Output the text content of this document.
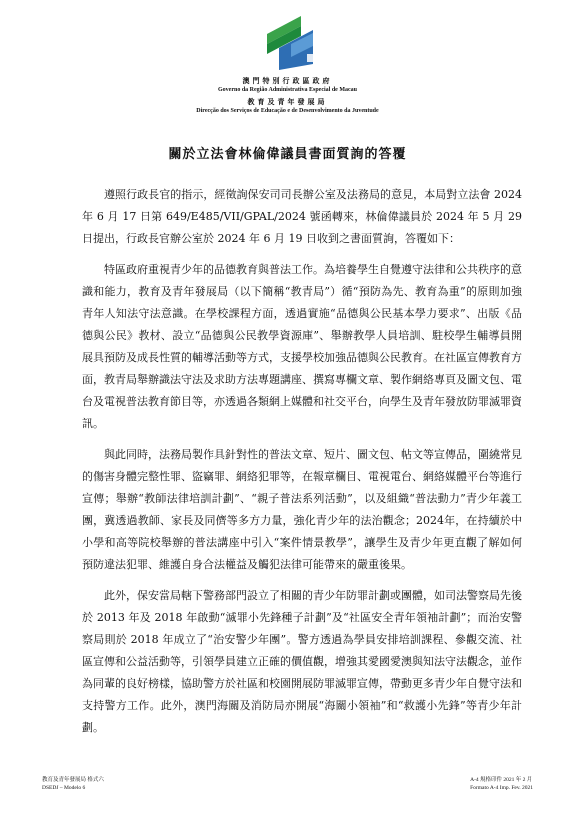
澳門特別行政區政府
Governo da Região Administrativa Especial de Macau
教育及青年發展局
Direcção dos Serviços de Educação e de Desenvolvimento da Juventude
關於立法會林倫偉議員書面質詢的答覆

遵照行政長官的指示，經徵詢保安司司長辦公室及法務局的意見，本局對立法會 2024 年 6 月 17 日第 649/E485/VII/GPAL/2024 號函轉來，林倫偉議員於 2024 年 5 月 29 日提出，行政長官辦公室於 2024 年 6 月 19 日收到之書面質詢，答覆如下：

特區政府重視青少年的品德教育與普法工作。為培養學生自覺遵守法律和公共秩序的意識和能力，教育及青年發展局（以下簡稱“教青局”）循“預防為先、教育為重”的原則加強青年人知法守法意識。在學校課程方面，透過實施“品德與公民基本學力要求”、出版《品德與公民》教材、設立“品德與公民教學資源庫”、舉辦教學人員培訓、駐校學生輔導員開展具預防及成長性質的輔導活動等方式，支援學校加強品德與公民教育。在社區宣傳教育方面，教青局舉辦識法守法及求助方法專題講座、撰寫專欄文章、製作網絡專頁及圖文包、電台及電視普法教育節目等，亦透過各類網上媒體和社交平台，向學生及青年發放防罪滅罪資訊。

與此同時，法務局製作具針對性的普法文章、短片、圖文包、帖文等宣傳品，圍繞常見的傷害身體完整性罪、盜竊罪、網絡犯罪等，在報章欄目、電視電台、網絡媒體平台等進行宣傳；舉辦“教師法律培訓計劃”、“親子普法系列活動”，以及組織“普法動力”青少年義工團，冀透過教師、家長及同儕等多方力量，強化青少年的法治觀念；2024年，在持續於中小學和高等院校舉辦的普法講座中引入“案件情景教學”，讓學生及青少年更直觀了解如何預防違法犯罪、維護自身合法權益及觸犯法律可能帶來的嚴重後果。

此外，保安當局轄下警務部門設立了相關的青少年防罪計劃或團體，如司法警察局先後於 2013 年及 2018 年啟動“滅罪小先鋒種子計劃”及“社區安全青年領袖計劃”；而治安警察局則於 2018 年成立了“治安警少年團”。警方透過為學員安排培訓課程、參觀交流、社區宣傳和公益活動等，引領學員建立正確的價值觀，增強其愛國愛澳與知法守法觀念，並作為同輩的良好榜樣，協助警方於社區和校園開展防罪滅罪宣傳，帶動更多青少年自覺守法和支持警方工作。此外，澳門海關及消防局亦開展“海關小領袖”和“救護小先鋒”等青少年計劃。

教育及青年發展局 格式六
DSEDJ – Modelo 6
A-4 規格印件 2021 年 2 月
Formato A-4 Imp. Fev. 2021
